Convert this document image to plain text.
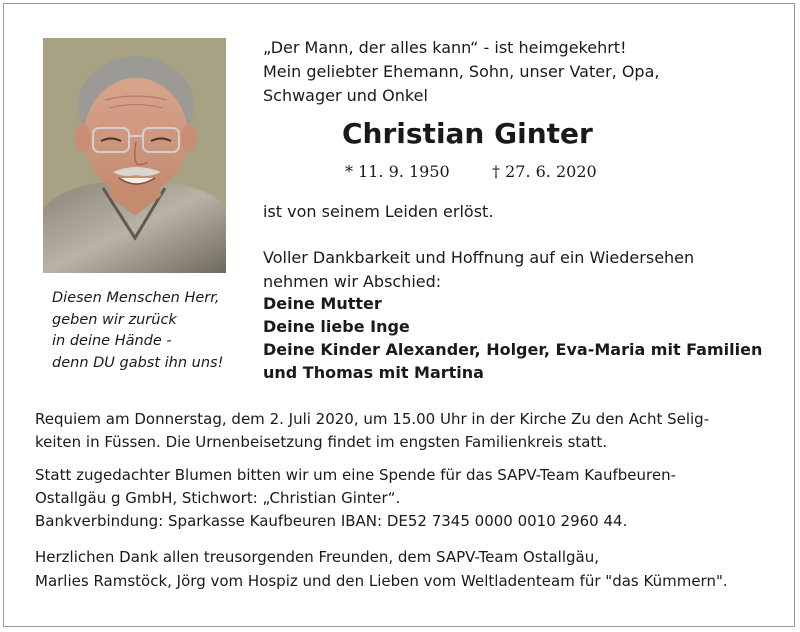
Diesen Menschen Herr,
geben wir zurück
in deine Hände -
denn DU gabst ihn uns!
„Der Mann, der alles kann“ - ist heimgekehrt!
Mein geliebter Ehemann, Sohn, unser Vater, Opa,
Schwager und Onkel
Christian Ginter
* 11. 9. 1950	† 27. 6. 2020
ist von seinem Leiden erlöst.
Voller Dankbarkeit und Hoffnung auf ein Wiedersehen
nehmen wir Abschied:
Deine Mutter
Deine liebe Inge
Deine Kinder Alexander, Holger, Eva-Maria mit Familien
und Thomas mit Martina
Requiem am Donnerstag, dem 2. Juli 2020, um 15.00 Uhr in der Kirche Zu den Acht Selig-
keiten in Füssen. Die Urnenbeisetzung findet im engsten Familienkreis statt.
Statt zugedachter Blumen bitten wir um eine Spende für das SAPV-Team Kaufbeuren-
Ostallgäu g GmbH, Stichwort: „Christian Ginter“.
Bankverbindung: Sparkasse Kaufbeuren IBAN: DE52 7345 0000 0010 2960 44.
Herzlichen Dank allen treusorgenden Freunden, dem SAPV-Team Ostallgäu,
Marlies Ramstöck, Jörg vom Hospiz und den Lieben vom Weltladenteam für "das Kümmern".
